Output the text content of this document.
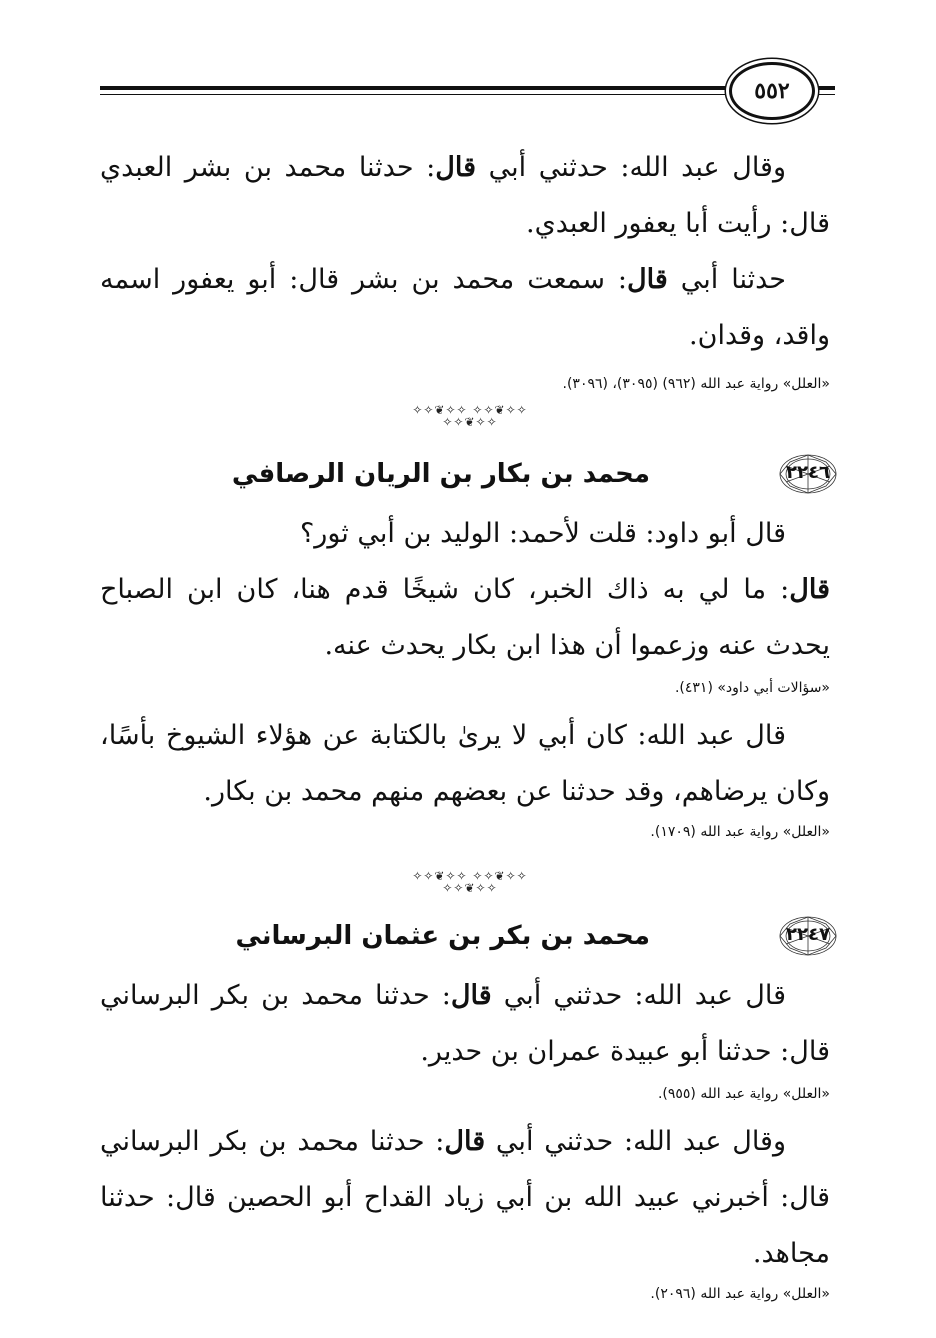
٥٥٢

وقال عبد الله: حدثني أبي قال: حدثنا محمد بن بشر العبدي قال: رأيت أبا يعفور العبدي.

حدثنا أبي قال: سمعت محمد بن بشر قال: أبو يعفور اسمه واقد، وقدان.

«العلل» رواية عبد الله (٩٦٢) (٣٠٩٥)، (٣٠٩٦).

✧✧❦✧✧ ✧✧❦✧✧ ✧✧❦✧✧
٢٢٤٦
محمد بن بكار بن الريان الرصافي

قال أبو داود: قلت لأحمد: الوليد بن أبي ثور؟

قال: ما لي به ذاك الخبر، كان شيخًا قدم هنا، كان ابن الصباح يحدث عنه وزعموا أن هذا ابن بكار يحدث عنه.

«سؤالات أبي داود» (٤٣١).

قال عبد الله: كان أبي لا يرىٰ بالكتابة عن هؤلاء الشيوخ بأسًا، وكان يرضاهم، وقد حدثنا عن بعضهم منهم محمد بن بكار.

«العلل» رواية عبد الله (١٧٠٩).

✧✧❦✧✧ ✧✧❦✧✧ ✧✧❦✧✧
٢٢٤٧
محمد بن بكر بن عثمان البرساني

قال عبد الله: حدثني أبي قال: حدثنا محمد بن بكر البرساني قال: حدثنا أبو عبيدة عمران بن حدير.

«العلل» رواية عبد الله (٩٥٥).

وقال عبد الله: حدثني أبي قال: حدثنا محمد بن بكر البرساني قال: أخبرني عبيد الله بن أبي زياد القداح أبو الحصين قال: حدثنا مجاهد.

«العلل» رواية عبد الله (٢٠٩٦).
